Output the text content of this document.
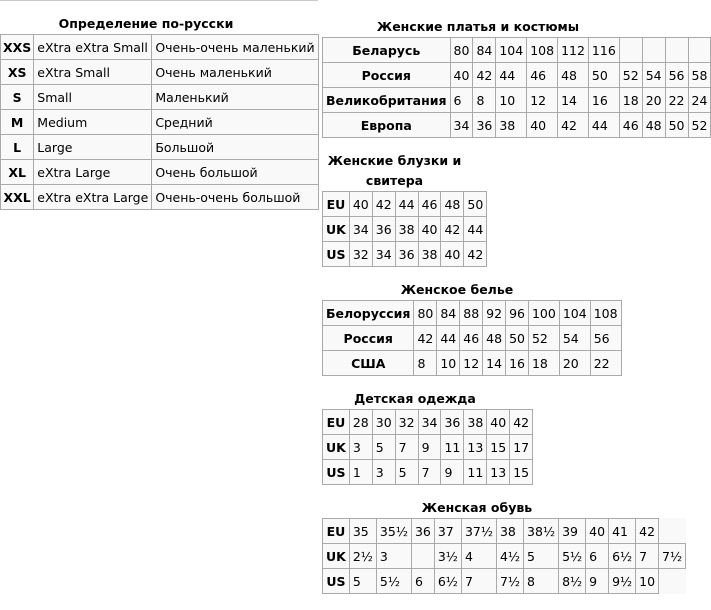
Определение по-русски
XXS	eXtra eXtra Small	Очень-очень маленький
XS	eXtra Small	Очень маленький
S	Small	Маленький
M	Medium	Средний
L	Large	Большой
XL	eXtra Large	Очень большой
XXL	eXtra eXtra Large	Очень-очень большой
Женские платья и костюмы
Беларусь	80	84	104	108	112	116				
Россия	40	42	44	46	48	50	52	54	56	58
Великобритания	6	8	10	12	14	16	18	20	22	24
Европа	34	36	38	40	42	44	46	48	50	52
Женские блузки и
свитера
EU	40	42	44	46	48	50
UK	34	36	38	40	42	44
US	32	34	36	38	40	42
Женское белье
Белоруссия	80	84	88	92	96	100	104	108
Россия	42	44	46	48	50	52	54	56
США	8	10	12	14	16	18	20	22
Детская одежда
EU	28	30	32	34	36	38	40	42
UK	3	5	7	9	11	13	15	17
US	1	3	5	7	9	11	13	15
Женская обувь
EU	35	35½	36	37	37½	38	38½	39	40	41	42	
UK	2½	3		3½	4	4½	5	5½	6	6½	7	7½
US	5	5½	6	6½	7	7½	8	8½	9	9½	10	
